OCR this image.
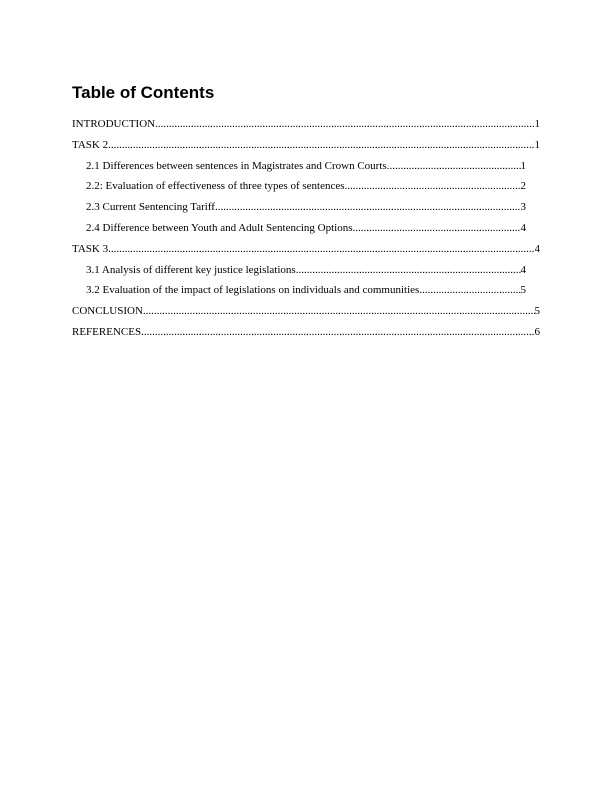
Table of Contents
INTRODUCTION .....	1
TASK 2 .....	1
2.1 Differences between sentences in Magistrates and Crown Courts .....	1
2.2: Evaluation of effectiveness of three types of sentences .....	2
2.3 Current Sentencing Tariff .....	3
2.4 Difference between Youth and Adult Sentencing Options .....	4
TASK 3 .....	4
3.1 Analysis of different key justice legislations .....	4
3.2 Evaluation of the impact of legislations on individuals and communities .....	5
CONCLUSION .....	5
REFERENCES .....	6
